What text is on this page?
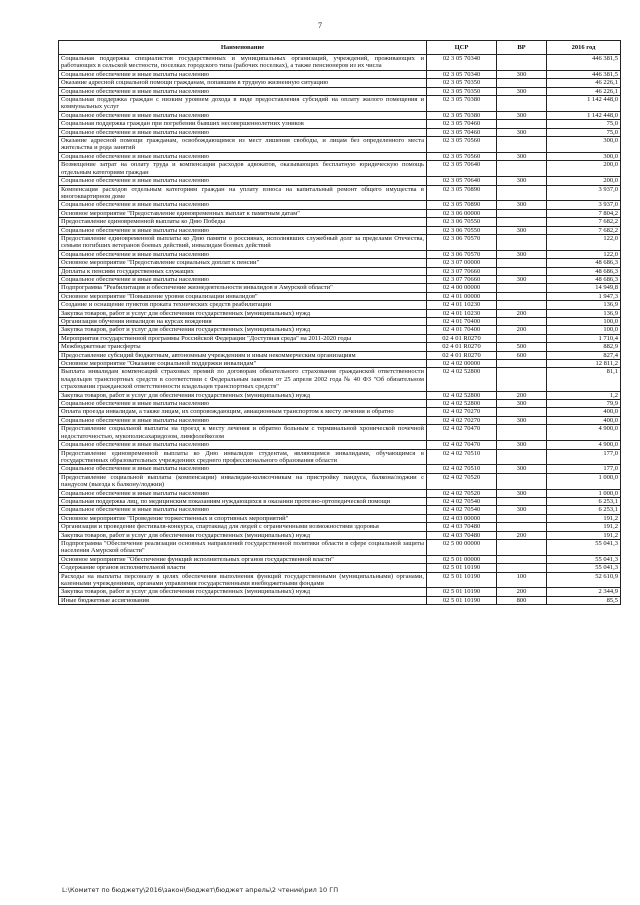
7
Наименование	ЦСР	ВР	2016 год
Социальная поддержка специалистов государственных и муниципальных организаций, учреждений, проживающих и работающих в сельской местности, поселках городского типа (рабочих поселках), а также пенсионеров из их числа	02 3 05 70340		446 381,5
Социальное обеспечение и иные выплаты населению	02 3 05 70340	300	446 381,5
Оказание адресной социальной помощи гражданам, попавшим в трудную жизненную ситуацию	02 3 05 70350		46 226,1
Социальное обеспечение и иные выплаты населению	02 3 05 70350	300	46 226,1
Социальная поддержка граждан с низким уровнем дохода в виде предоставления субсидий на оплату жилого помещения и коммунальных услуг	02 3 05 70380		1 142 448,0
Социальное обеспечение и иные выплаты населению	02 3 05 70380	300	1 142 448,0
Социальная поддержка граждан при погребении бывших несовершеннолетних узников	02 3 05 70460		75,0
Социальное обеспечение и иные выплаты населению	02 3 05 70460	300	75,0
Оказание адресной помощи гражданам, освобождающимся из мест лишения свободы, и лицам без определенного места жительства и рода занятий	02 3 05 70560		300,0
Социальное обеспечение и иные выплаты населению	02 3 05 70560	300	300,0
Возмещение затрат на оплату труда и компенсация расходов адвокатов, оказывающих бесплатную юридическую помощь отдельным категориям граждан	02 3 05 70640		200,0
Социальное обеспечение и иные выплаты населению	02 3 05 70640	300	200,0
Компенсация расходов отдельным категориям граждан на уплату взноса на капитальный ремонт общего имущества в многоквартирном доме	02 3 05 70890		3 937,0
Социальное обеспечение и иные выплаты населению	02 3 05 70890	300	3 937,0
Основное мероприятие "Предоставление единовременных выплат к памятным датам"	02 3 06 00000		7 804,2
Предоставление единовременной выплаты ко Дню Победы	02 3 06 70550		7 682,2
Социальное обеспечение и иные выплаты населению	02 3 06 70550	300	7 682,2
Предоставление единовременной выплаты ко Дню памяти о россиянах, исполнявших служебный долг за пределами Отечества, семьям погибших ветеранов боевых действий, инвалидам боевых действий	02 3 06 70570		122,0
Социальное обеспечение и иные выплаты населению	02 3 06 70570	300	122,0
Основное мероприятие "Предоставление социальных доплат к пенсии"	02 3 07 00000		48 686,3
Доплаты к пенсиям государственных служащих	02 3 07 70660		48 686,3
Социальное обеспечение и иные выплаты населению	02 3 07 70660	300	48 686,3
Подпрограмма "Реабилитация и обеспечение жизнедеятельности инвалидов в Амурской области"	02 4 00 00000		14 949,8
Основное мероприятие "Повышение уровня социализации инвалидов"	02 4 01 00000		1 947,3
Создание и оснащение пунктов проката технических средств реабилитации	02 4 01 10230		136,9
Закупка товаров, работ и услуг для обеспечения государственных (муниципальных) нужд	02 4 01 10230	200	136,9
Организация обучения инвалидов на курсах вождения	02 4 01 70400		100,0
Закупка товаров, работ и услуг для обеспечения государственных (муниципальных) нужд	02 4 01 70400	200	100,0
Мероприятия государственной программы Российской Федерации "Доступная среда" на 2011-2020 годы	02 4 01 R0270		1 710,4
Межбюджетные трансферты	02 4 01 R0270	500	882,9
Предоставление субсидий бюджетным, автономным учреждениям и иным некоммерческим организациям	02 4 01 R0270	600	827,4
Основное мероприятие "Оказание социальной поддержки инвалидам"	02 4 02 00000		12 811,2
Выплата инвалидам компенсаций страховых премий по договорам обязательного страхования гражданской ответственности владельцев транспортных средств в соответствии с Федеральным законом от 25 апреля 2002 года № 40 ФЗ "Об обязательном страховании гражданской ответственности владельцев транспортных средств"	02 4 02 52800		81,1
Закупка товаров, работ и услуг для обеспечения государственных (муниципальных) нужд	02 4 02 52800	200	1,2
Социальное обеспечение и иные выплаты населению	02 4 02 52800	300	79,9
Оплата проезда инвалидам, а также лицам, их сопровождающим, авиационным транспортом к месту лечения и обратно	02 4 02 70270		400,0
Социальное обеспечение и иные выплаты населению	02 4 02 70270	300	400,0
Предоставление социальной выплаты на проезд к месту лечения и обратно больным с терминальной хронической почечной недостаточностью, мукополисахаридозом, лимфолейкозом	02 4 02 70470		4 900,0
Социальное обеспечение и иные выплаты населению	02 4 02 70470	300	4 900,0
Предоставление единовременной выплаты ко Дню инвалидов студентам, являющимся инвалидами, обучающимся в государственных образовательных учреждениях среднего профессионального образования области	02 4 02 70510		177,0
Социальное обеспечение и иные выплаты населению	02 4 02 70510	300	177,0
Предоставление социальной выплаты (компенсации) инвалидам-колясочникам на пристройку пандуса, балкона/лоджии с пандусом (выезда к балкону/лоджии)	02 4 02 70520		1 000,0
Социальное обеспечение и иные выплаты населению	02 4 02 70520	300	1 000,0
Социальная поддержка лиц, по медицинским показаниям нуждающихся в оказании протезно-ортопедической помощи	02 4 02 70540		6 253,1
Социальное обеспечение и иные выплаты населению	02 4 02 70540	300	6 253,1
Основное мероприятие "Проведение торжественных и спортивных мероприятий"	02 4 03 00000		191,2
Организация и проведение фестиваля-конкурса, спартакиад для людей с ограниченными возможностями здоровья	02 4 03 70480		191,2
Закупка товаров, работ и услуг для обеспечения государственных (муниципальных) нужд	02 4 03 70480	200	191,2
Подпрограмма "Обеспечение реализации основных направлений государственной политики области в сфере социальной защиты населения Амурской области"	02 5 00 00000		55 041,3
Основное мероприятие "Обеспечение функций исполнительных органов государственной власти"	02 5 01 00000		55 041,3
Содержание органов исполнительной власти	02 5 01 10190		55 041,3
Расходы на выплаты персоналу в целях обеспечения выполнения функций государственными (муниципальными) органами, казенными учреждениями, органами управления государственными внебюджетными фондами	02 5 01 10190	100	52 610,9
Закупка товаров, работ и услуг для обеспечения государственных (муниципальных) нужд	02 5 01 10190	200	2 344,9
Иные бюджетные ассигнования	02 5 01 10190	800	85,5
L:\Комитет по бюджету\2016\закон\бюджет\бюджет апрель\2 чтение\рил 10 ГП
